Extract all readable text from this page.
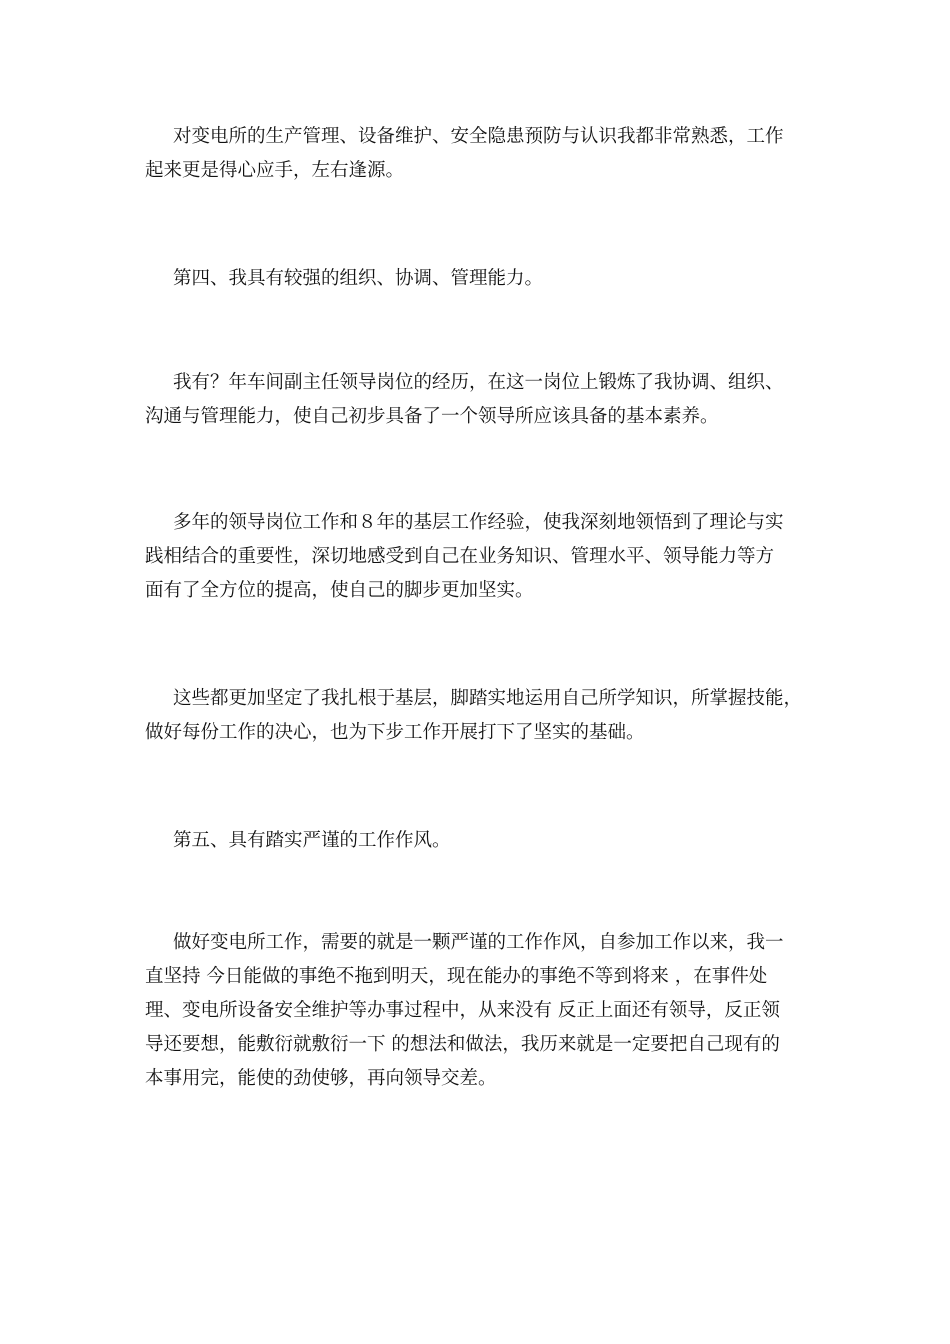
对变电所的生产管理、设备维护、安全隐患预防与认识我都非常熟悉，工作
起来更是得心应手，左右逢源。
第四、我具有较强的组织、协调、管理能力。
我有？年车间副主任领导岗位的经历，在这一岗位上锻炼了我协调、组织、
沟通与管理能力，使自己初步具备了一个领导所应该具备的基本素养。
多年的领导岗位工作和８年的基层工作经验，使我深刻地领悟到了理论与实
践相结合的重要性，深切地感受到自己在业务知识、管理水平、领导能力等方
面有了全方位的提高，使自己的脚步更加坚实。
这些都更加坚定了我扎根于基层，脚踏实地运用自己所学知识，所掌握技能，
做好每份工作的决心，也为下步工作开展打下了坚实的基础。
第五、具有踏实严谨的工作作风。
做好变电所工作，需要的就是一颗严谨的工作作风，自参加工作以来，我一
直坚持 今日能做的事绝不拖到明天，现在能办的事绝不等到将来 ，在事件处
理、变电所设备安全维护等办事过程中，从来没有 反正上面还有领导，反正领
导还要想，能敷衍就敷衍一下 的想法和做法，我历来就是一定要把自己现有的
本事用完，能使的劲使够，再向领导交差。
